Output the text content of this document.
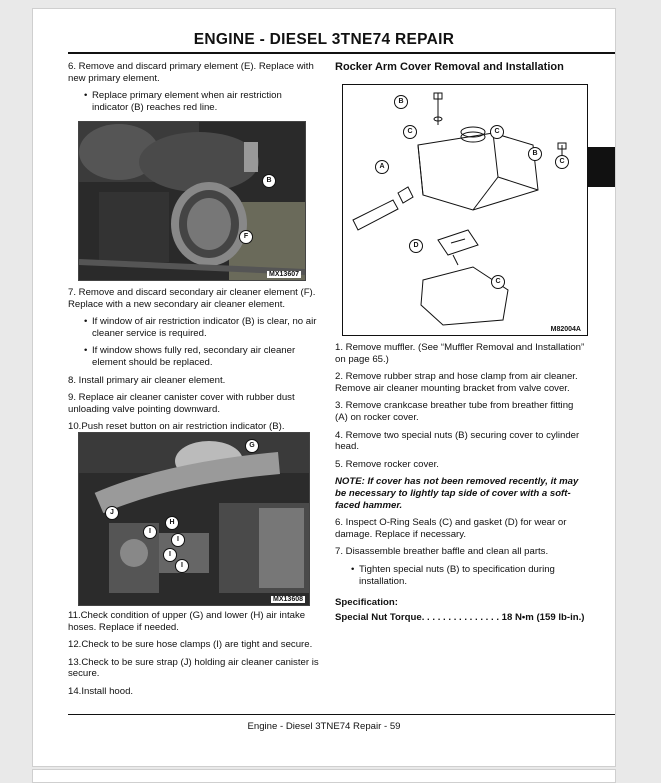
ENGINE - DIESEL 3TNE74 REPAIR

6. Remove and discard primary element (E). Replace with new primary element.

• Replace primary element when air restriction indicator (B) reaches red line.

B
F
MX13607

7. Remove and discard secondary air cleaner element (F). Replace with a new secondary air cleaner element.

• If window of air restriction indicator (B) is clear, no air cleaner service is required.

• If window shows fully red, secondary air cleaner element should be replaced.

8. Install primary air cleaner element.

9. Replace air cleaner canister cover with rubber dust unloading valve pointing downward.

10.Push reset button on air restriction indicator (B).

G
J
I
H
I
I
I
MX13608

11.Check condition of upper (G) and lower (H) air intake hoses. Replace if needed.

12.Check to be sure hose clamps (I) are tight and secure.

13.Check to be sure strap (J) holding air cleaner canister is secure.

14.Install hood.

Rocker Arm Cover Removal and Installation
B
C	C
B
C
A
D
C
M82004A

1. Remove muffler. (See “Muffler Removal and Installation” on page 65.)

2. Remove rubber strap and hose clamp from air cleaner. Remove air cleaner mounting bracket from valve cover.

3. Remove crankcase breather tube from breather fitting (A) on rocker cover.

4. Remove two special nuts (B) securing cover to cylinder head.

5. Remove rocker cover.

NOTE: If cover has not been removed recently, it may be necessary to lightly tap side of cover with a soft-faced hammer.

6. Inspect O-Ring Seals (C) and gasket (D) for wear or damage. Replace if necessary.

7. Disassemble breather baffle and clean all parts.

• Tighten special nuts (B) to specification during installation.

Specification:

Special Nut Torque. . . . . . . . . . . . . . . 18 N•m (159 lb-in.)

Engine - Diesel 3TNE74 Repair - 59
